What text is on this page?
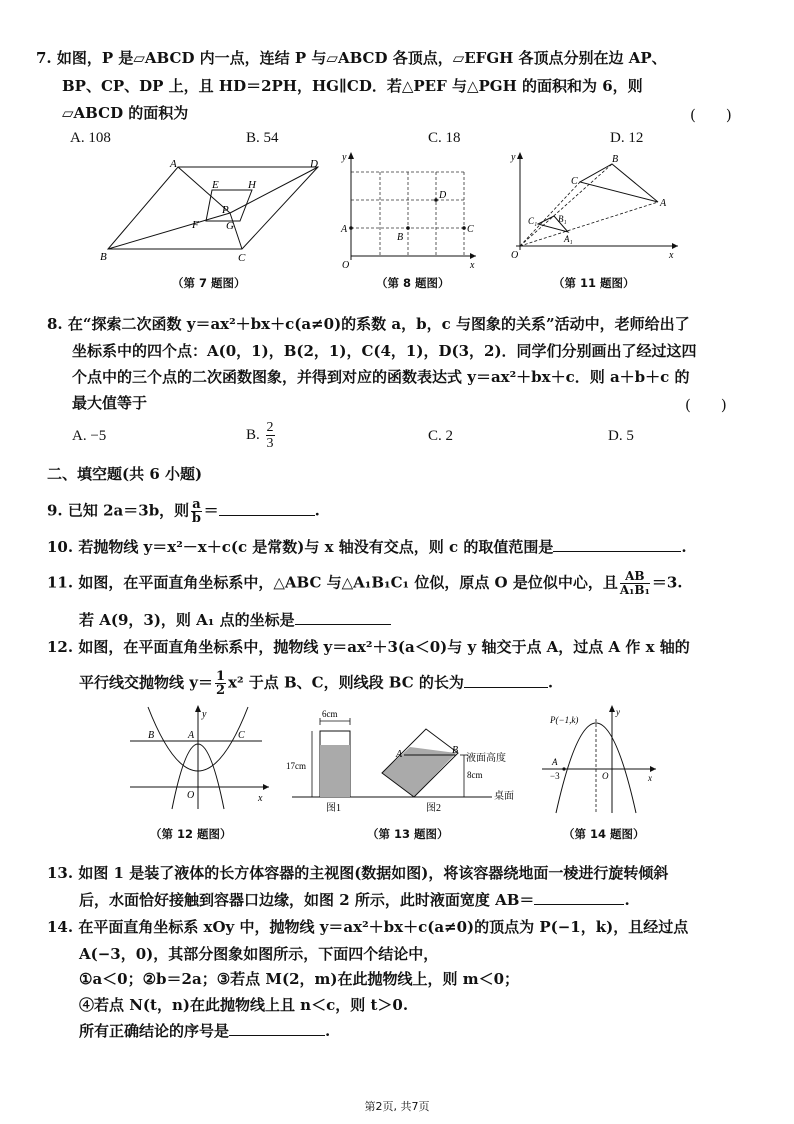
7. 如图，P 是▱ABCD 内一点，连结 P 与▱ABCD 各顶点，▱EFGH 各顶点分别在边 AP、
BP、CP、DP 上，且 HD＝2PH，HG∥CD．若△PEF 与△PGH 的面积和为 6，则
▱ABCD 的面积为	(　　)
A. 108	B. 54	C. 18	D. 12
A
B	C
D
E
F G
H
P
（第 7 题图）
y
x
O
A
B
C
D
（第 8 题图）
y
x
O
B
A
C
B₁
A₁
C₁
（第 11 题图）
8. 在“探索二次函数 y＝ax²＋bx＋c(a≠0)的系数 a，b，c 与图象的关系”活动中，老师给出了
坐标系中的四个点：A(0，1)，B(2，1)，C(4，1)，D(3，2)．同学们分别画出了经过这四
个点中的三个点的二次函数图象，并得到对应的函数表达式 y＝ax²＋bx＋c．则 a＋b＋c 的
最大值等于	(　　)
A. −5	B. $\frac{2}{3}$	C. 2	D. 5
二、填空题(共 6 小题)
9. 已知 2a＝3b，则 $\frac{a}{b}$ ＝	.
10. 若抛物线 y＝x²－x＋c(c 是常数)与 x 轴没有交点，则 c 的取值范围是	.
11. 如图，在平面直角坐标系中，△ABC 与△A₁B₁C₁ 位似，原点 O 是位似中心，且 $\frac{AB}{\text{A₁B₁}} =3$.
若 A(9，3)，则 A₁ 点的坐标是
12. 如图，在平面直角坐标系中，抛物线 y＝ax²＋3(a＜0)与 y 轴交于点 A，过点 A 作 x 轴的
平行线交抛物线 $y= \frac{1}{2} x^2$ 于点 B、C，则线段 BC 的长为	.
y
x
O
A
B	C
（第 12 题图）
6cm
17cm
图1
A	B
8cm
液面高度
桌面
图2
（第 13 题图）
P(−1,k)
A
−3	O	x
y
（第 14 题图）
13. 如图 1 是装了液体的长方体容器的主视图(数据如图)，将该容器绕地面一棱进行旋转倾斜
后，水面恰好接触到容器口边缘，如图 2 所示，此时液面宽度 AB＝	.
14. 在平面直角坐标系 xOy 中，抛物线 y＝ax²＋bx＋c(a≠0)的顶点为 P(−1，k)，且经过点
A(−3，0)，其部分图象如图所示，下面四个结论中，
①a＜0；②b＝2a；③若点 M(2，m)在此抛物线上，则 m＜0；
④若点 N(t，n)在此抛物线上且 n＜c，则 t＞0.
所有正确结论的序号是	.
第2页, 共7页
